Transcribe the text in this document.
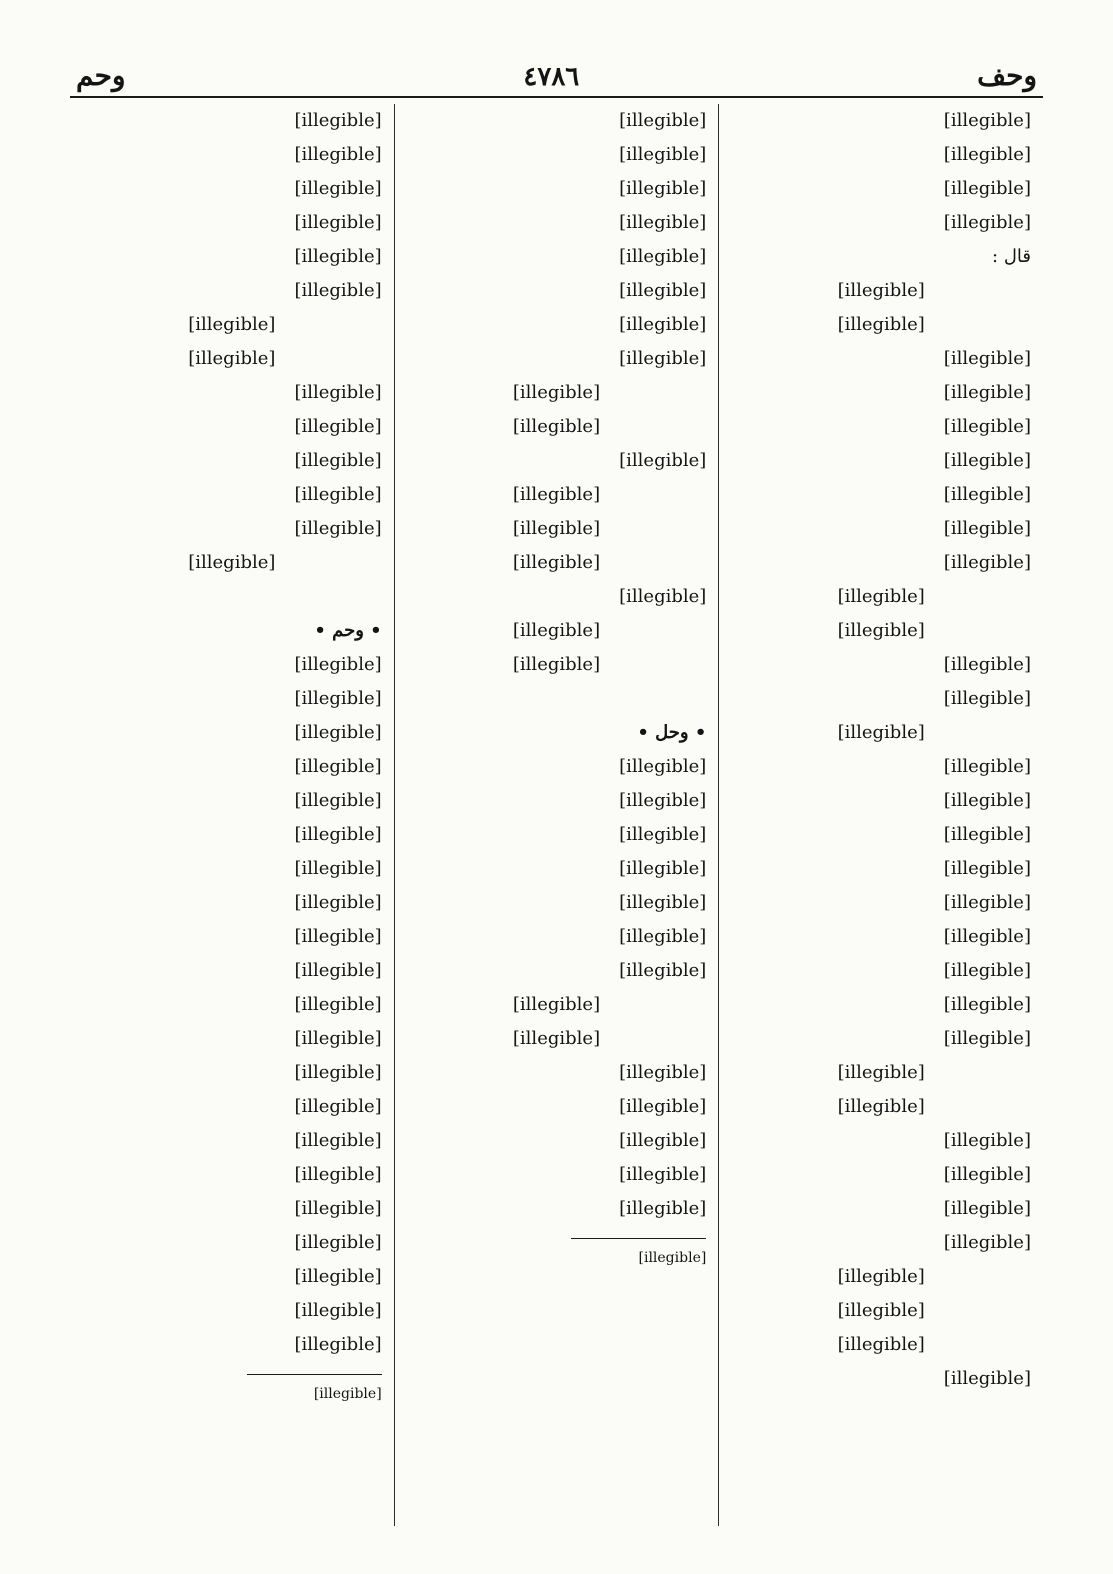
وحف
٤٧٨٦
وحم
[illegible]
[illegible]
[illegible]
[illegible]
قال :
[illegible]
[illegible]
[illegible]
[illegible]
[illegible]
[illegible]
[illegible]
[illegible]
[illegible]
[illegible]
[illegible]
[illegible]
[illegible]
[illegible]
[illegible]
[illegible]
[illegible]
[illegible]
[illegible]
[illegible]
[illegible]
[illegible]
[illegible]
[illegible]
[illegible]
[illegible]
[illegible]
[illegible]
[illegible]
[illegible]
[illegible]
[illegible]
[illegible]
[illegible]
[illegible]
[illegible]
[illegible]
[illegible]
[illegible]
[illegible]
[illegible]
[illegible]
[illegible]
[illegible]
[illegible]
[illegible]
[illegible]
[illegible]
[illegible]
[illegible]
• وحل •
[illegible]
[illegible]
[illegible]
[illegible]
[illegible]
[illegible]
[illegible]
[illegible]
[illegible]
[illegible]
[illegible]
[illegible]
[illegible]
[illegible]
[illegible]
[illegible]
[illegible]
[illegible]
[illegible]
[illegible]
[illegible]
[illegible]
[illegible]
[illegible]
[illegible]
[illegible]
[illegible]
[illegible]
[illegible]
• وحم •
[illegible]
[illegible]
[illegible]
[illegible]
[illegible]
[illegible]
[illegible]
[illegible]
[illegible]
[illegible]
[illegible]
[illegible]
[illegible]
[illegible]
[illegible]
[illegible]
[illegible]
[illegible]
[illegible]
[illegible]
[illegible]
[illegible]
